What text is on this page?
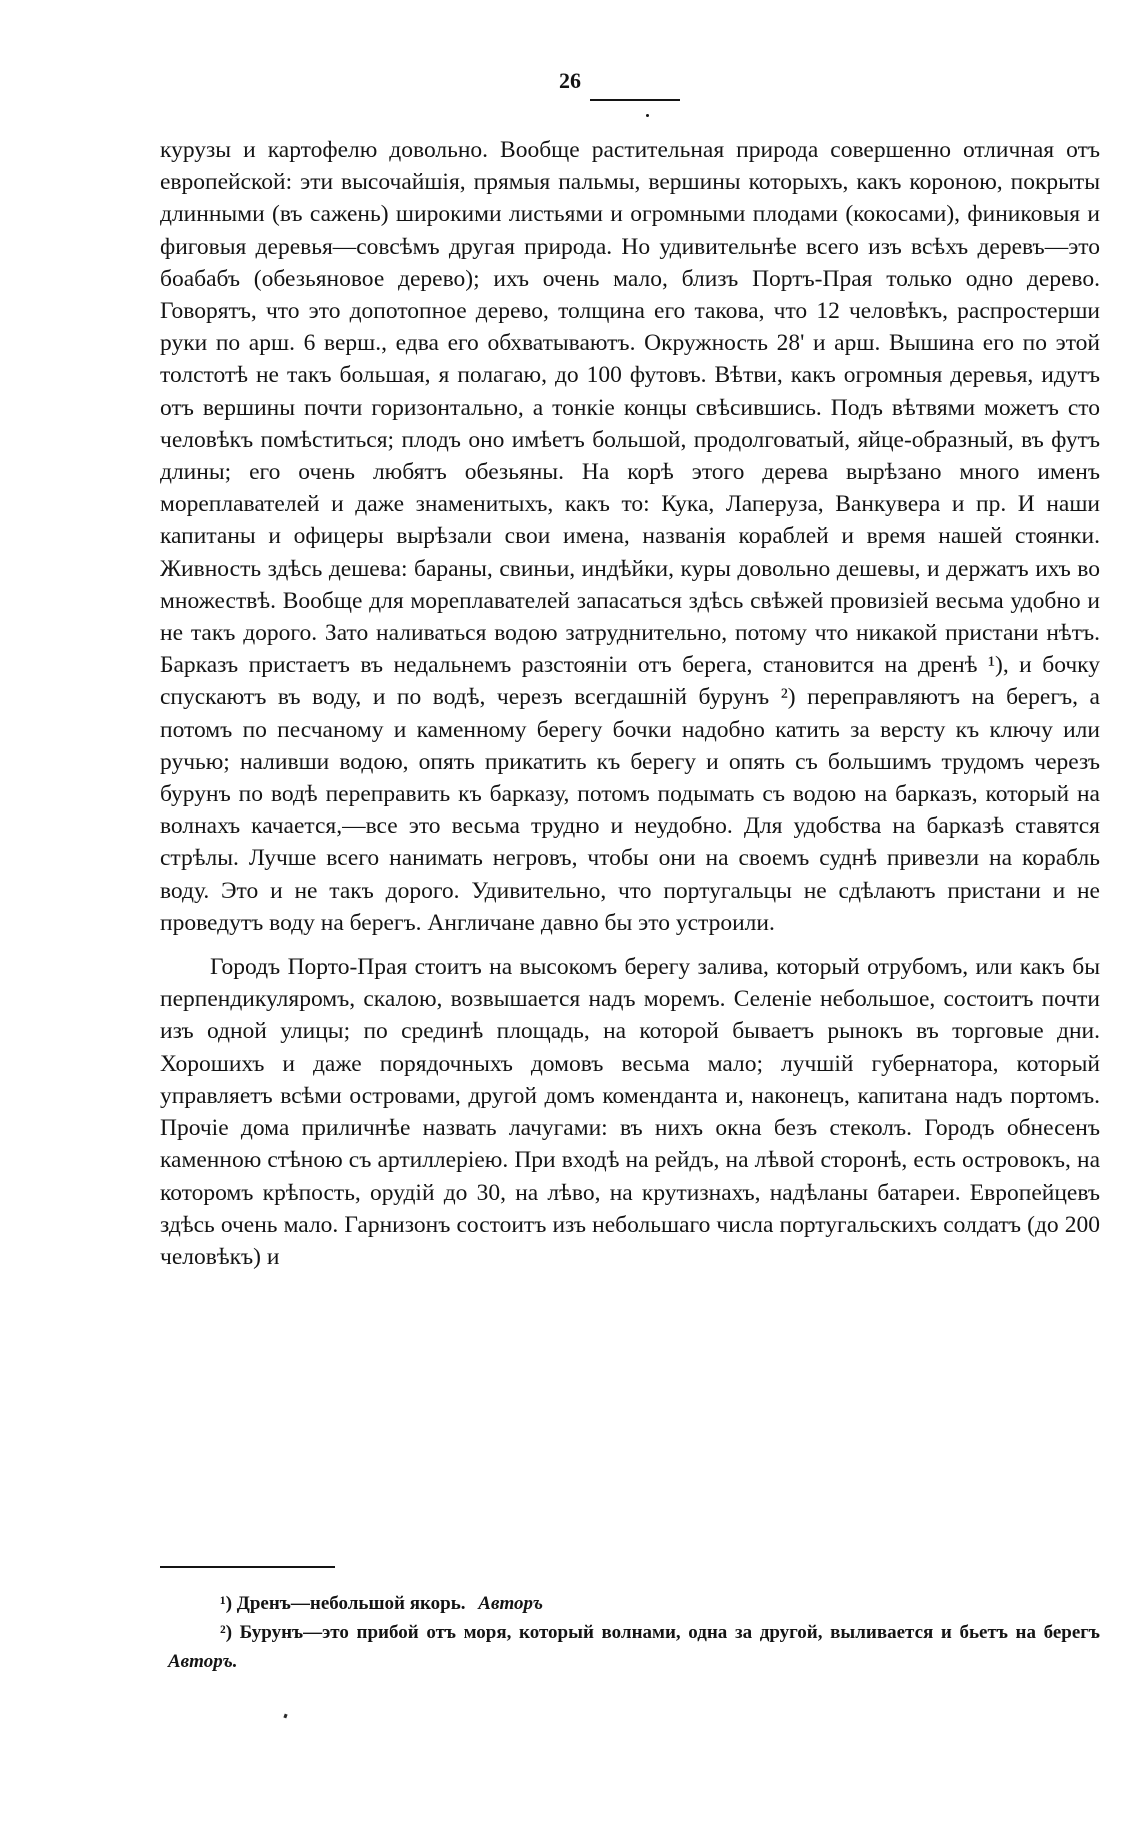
26

курузы и картофелю довольно. Вообще растительная природа совершенно отличная отъ европейской: эти высочайшія, прямыя пальмы, вершины которыхъ, какъ короною, покрыты длинными (въ сажень) широкими листьями и огромными плодами (кокосами), финиковыя и фиговыя деревья—совсѣмъ другая природа. Но удивительнѣе всего изъ всѣхъ деревъ—это боабабъ (обезьяновое дерево); ихъ очень мало, близъ Портъ-Прая только одно дерево. Говорятъ, что это допотопное дерево, толщина его такова, что 12 человѣкъ, распростерши руки по арш. 6 верш., едва его обхватываютъ. Окружность 28' и арш. Вышина его по этой толстотѣ не такъ большая, я полагаю, до 100 футовъ. Вѣтви, какъ огромныя деревья, идутъ отъ вершины почти горизонтально, а тонкіе концы свѣсившись. Подъ вѣтвями можетъ сто человѣкъ помѣститься; плодъ оно имѣетъ большой, продолговатый, яйце-образный, въ футъ длины; его очень любятъ обезьяны. На корѣ этого дерева вырѣзано много именъ мореплавателей и даже знаменитыхъ, какъ то: Кука, Лаперуза, Ванкувера и пр. И наши капитаны и офицеры вырѣзали свои имена, названія кораблей и время нашей стоянки. Живность здѣсь дешева: бараны, свиньи, индѣйки, куры довольно дешевы, и держатъ ихъ во множествѣ. Вообще для мореплавателей запасаться здѣсь свѣжей провизіей весьма удобно и не такъ дорого. Зато наливаться водою затруднительно, потому что никакой пристани нѣтъ. Барказъ пристаетъ въ недальнемъ разстояніи отъ берега, становится на дренѣ ¹), и бочку спускаютъ въ воду, и по водѣ, черезъ всегдашній бурунъ ²) переправляютъ на берегъ, а потомъ по песчаному и каменному берегу бочки надобно катить за версту къ ключу или ручью; наливши водою, опять прикатить къ берегу и опять съ большимъ трудомъ черезъ бурунъ по водѣ переправить къ барказу, потомъ подымать съ водою на барказъ, который на волнахъ качается,—все это весьма трудно и неудобно. Для удобства на барказѣ ставятся стрѣлы. Лучше всего нанимать негровъ, чтобы они на своемъ суднѣ привезли на корабль воду. Это и не такъ дорого. Удивительно, что португальцы не сдѣлаютъ пристани и не проведутъ воду на берегъ. Англичане давно бы это устроили.

Городъ Порто-Прая стоитъ на высокомъ берегу залива, который отрубомъ, или какъ бы перпендикуляромъ, скалою, возвышается надъ моремъ. Селеніе небольшое, состоитъ почти изъ одной улицы; по срединѣ площадь, на которой бываетъ рынокъ въ торговые дни. Хорошихъ и даже порядочныхъ домовъ весьма мало; лучшій губернатора, который управляетъ всѣми островами, другой домъ коменданта и, наконецъ, капитана надъ портомъ. Прочіе дома приличнѣе назвать лачугами: въ нихъ окна безъ стеколъ. Городъ обнесенъ каменною стѣною съ артиллеріею. При входѣ на рейдъ, на лѣвой сторонѣ, есть островокъ, на которомъ крѣпость, орудій до 30, на лѣво, на крутизнахъ, надѣланы батареи. Европейцевъ здѣсь очень мало. Гарнизонъ состоитъ изъ небольшаго числа португальскихъ солдатъ (до 200 человѣкъ) и

¹) Дренъ—небольшой якорь. Авторъ

²) Бурунъ—это прибой отъ моря, который волнами, одна за другой, выливается и бьетъ на берегъ Авторъ.
